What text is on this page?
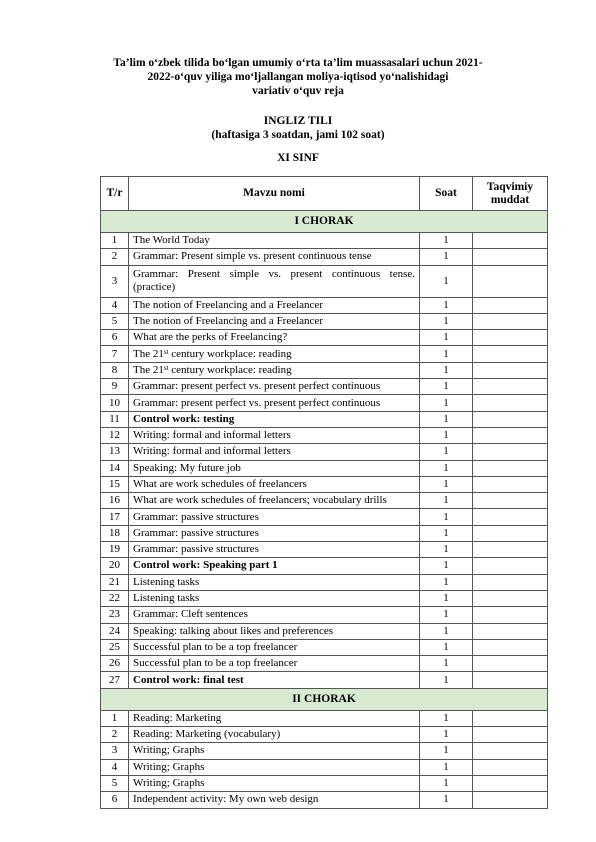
Ta’lim o‘zbek tilida bo‘lgan umumiy o‘rta ta’lim muassasalari uchun 2021-
2022-o‘quv yiliga mo‘ljallangan moliya-iqtisod yo‘nalishidagi
variativ o‘quv reja
INGLIZ TILI
(haftasiga 3 soatdan, jami 102 soat)
XI SINF
T/r	Mavzu nomi	Soat	Taqvimiy muddat
I CHORAK			
1	The World Today	1	
2	Grammar: Present simple vs. present continuous tense	1	
3	Grammar: Present simple vs. present continuous tense. (practice)	1	
4	The notion of Freelancing and a Freelancer	1	
5	The notion of Freelancing and a Freelancer	1	
6	What are the perks of Freelancing?	1	
7	The 21st century workplace: reading	1	
8	The 21st century workplace: reading	1	
9	Grammar: present perfect vs. present perfect continuous	1	
10	Grammar: present perfect vs. present perfect continuous	1	
11	Control work: testing	1	
12	Writing: formal and informal letters	1	
13	Writing: formal and informal letters	1	
14	Speaking: My future job	1	
15	What are work schedules of freelancers	1	
16	What are work schedules of freelancers; vocabulary drills	1	
17	Grammar: passive structures	1	
18	Grammar: passive structures	1	
19	Grammar: passive structures	1	
20	Control work: Speaking part 1	1	
21	Listening tasks	1	
22	Listening tasks	1	
23	Grammar: Cleft sentences	1	
24	Speaking: talking about likes and preferences	1	
25	Successful plan to be a top freelancer	1	
26	Successful plan to be a top freelancer	1	
27	Control work: final test	1	
II CHORAK			
1	Reading: Marketing	1	
2	Reading: Marketing (vocabulary)	1	
3	Writing; Graphs	1	
4	Writing; Graphs	1	
5	Writing; Graphs	1	
6	Independent activity: My own web design	1	
